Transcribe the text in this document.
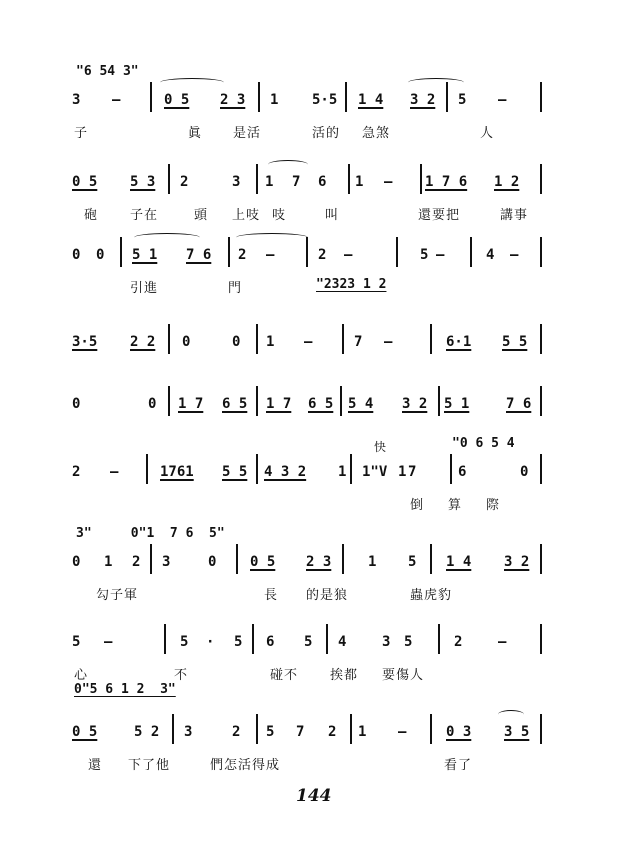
"6 54 3"
3 —	0 5 2 3 1 5·5 1 4 3 2 5 —
子	眞 是活	活的 急煞	人
0 5 5 3 2	3 1 7 6 1 — 1 7 6 1 2
砲 子在	頭 上吱 吱	叫	還要把	講事
0 0 5 1 7 6 2 —	2 —	5 —	4 —
引進	門	"2323 1 2
3·5 2 2 0	0 1 —	7 —	6·1 5 5
0	0 1 7 6 5 1 7 6 5 5 4 3 2 5 1	7 6
"0 6 5 4
快
2 —	1761 5 5 4 3 2 1 1"V 1 7	6	0
倒 算 際
3"     0"1  7 6  5"
0 1 2 3	0 0 5 2 3	1 5 1 4 3 2
勾子軍	長 的是狼	蟲虎豹
5 —	5 · 5 6 5 4	3 5	2	—
心	不	碰不 挨都 要傷人
0"5 6 1 2  3"
0 5	5 2 3	2 5 7 2 1 —	0 3 3 5
還 下了他	們怎活得成	看了
144
